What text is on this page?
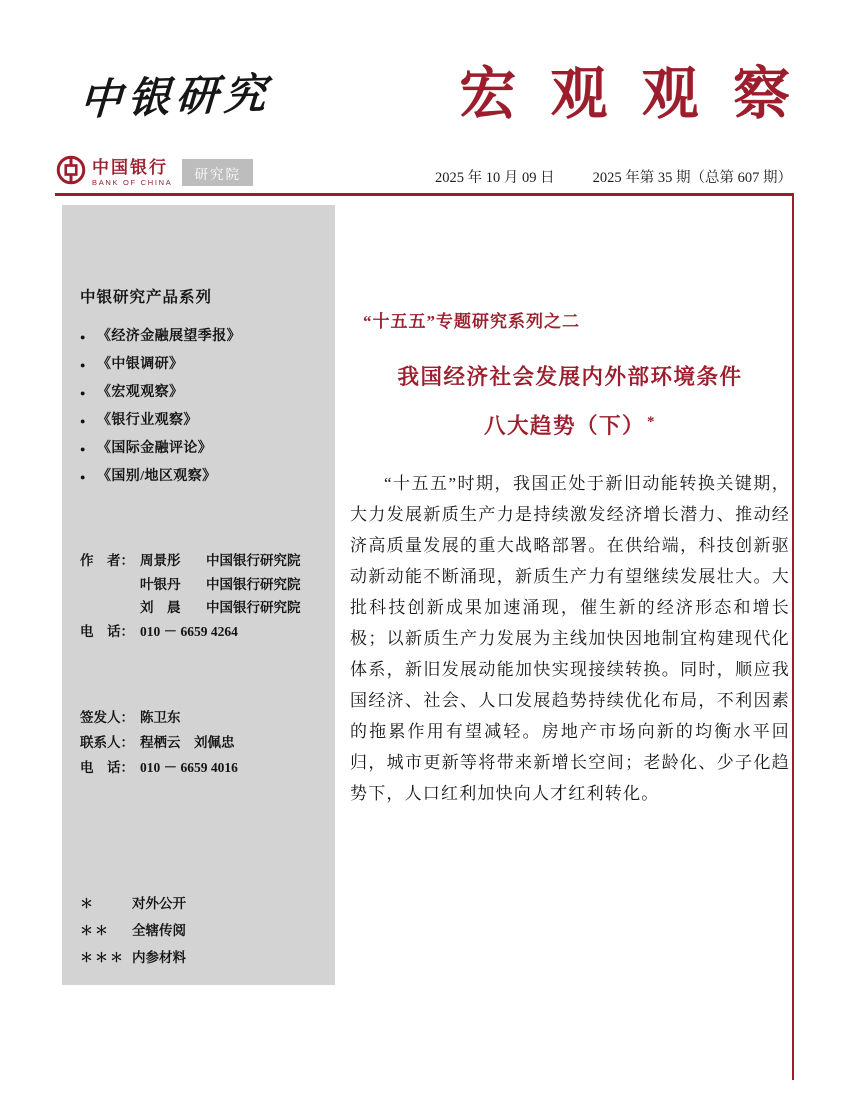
中银研究	宏 观 观 察
中国银行
BANK OF CHINA	研究院	2025 年 10 月 09 日	2025 年第 35 期（总第 607 期）
中银研究产品系列
●
《经济金融展望季报》
●
《中银调研》
●
《宏观观察》
●
《银行业观察》
●
《国际金融评论》
●
《国别/地区观察》
作　者： 周景彤	中国银行研究院
叶银丹	中国银行研究院
刘　晨	中国银行研究院
电　话： 010 － 6659 4264
签发人： 陈卫东
联系人： 程栖云　刘佩忠
电　话： 010 － 6659 4016
＊	对外公开
＊＊	全辖传阅
＊＊＊ 内参材料
“十五五”专题研究系列之二
我国经济社会发展内外部环境条件
八大趋势（下） *

“十五五”时期，我国正处于新旧动能转换关键期，大力发展新质生产力是持续激发经济增长潜力、推动经济高质量发展的重大战略部署。在供给端，科技创新驱动新动能不断涌现，新质生产力有望继续发展壮大。大批科技创新成果加速涌现，催生新的经济形态和增长极；以新质生产力发展为主线加快因地制宜构建现代化体系，新旧发展动能加快实现接续转换。同时，顺应我国经济、社会、人口发展趋势持续优化布局，不利因素的拖累作用有望减轻。房地产市场向新的均衡水平回归，城市更新等将带来新增长空间；老龄化、少子化趋势下，人口红利加快向人才红利转化。
